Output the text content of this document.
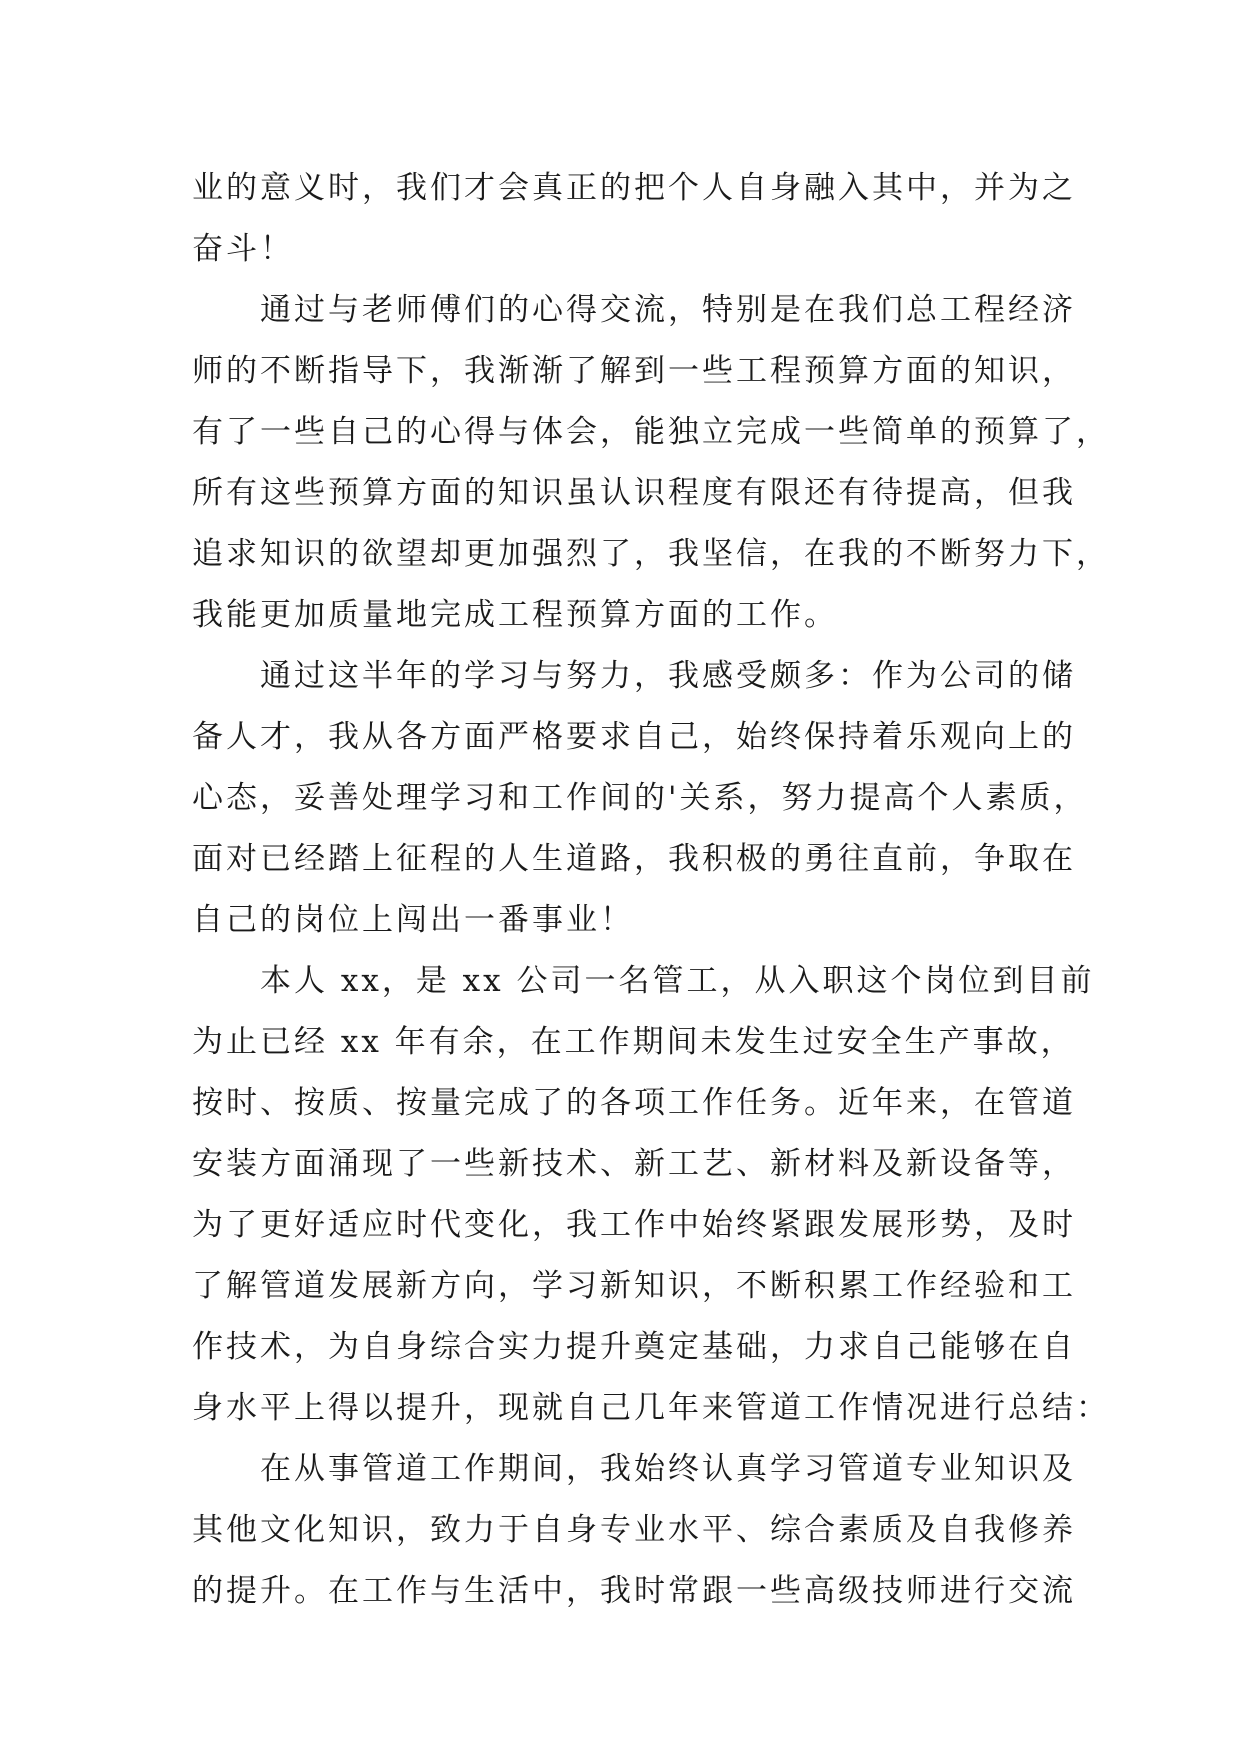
业的意义时，我们才会真正的把个人自身融入其中，并为之
奋斗！
　　通过与老师傅们的心得交流，特别是在我们总工程经济
师的不断指导下，我渐渐了解到一些工程预算方面的知识，
有了一些自己的心得与体会，能独立完成一些简单的预算了，
所有这些预算方面的知识虽认识程度有限还有待提高，但我
追求知识的欲望却更加强烈了，我坚信，在我的不断努力下，
我能更加质量地完成工程预算方面的工作。
　　通过这半年的学习与努力，我感受颇多：作为公司的储
备人才，我从各方面严格要求自己，始终保持着乐观向上的
心态，妥善处理学习和工作间的'关系，努力提高个人素质，
面对已经踏上征程的人生道路，我积极的勇往直前，争取在
自己的岗位上闯出一番事业！
　　本人 xx，是 xx 公司一名管工，从入职这个岗位到目前
为止已经 xx 年有余，在工作期间未发生过安全生产事故，
按时、按质、按量完成了的各项工作任务。近年来，在管道
安装方面涌现了一些新技术、新工艺、新材料及新设备等，
为了更好适应时代变化，我工作中始终紧跟发展形势，及时
了解管道发展新方向，学习新知识，不断积累工作经验和工
作技术，为自身综合实力提升奠定基础，力求自己能够在自
身水平上得以提升，现就自己几年来管道工作情况进行总结：
　　在从事管道工作期间，我始终认真学习管道专业知识及
其他文化知识，致力于自身专业水平、综合素质及自我修养
的提升。在工作与生活中，我时常跟一些高级技师进行交流
